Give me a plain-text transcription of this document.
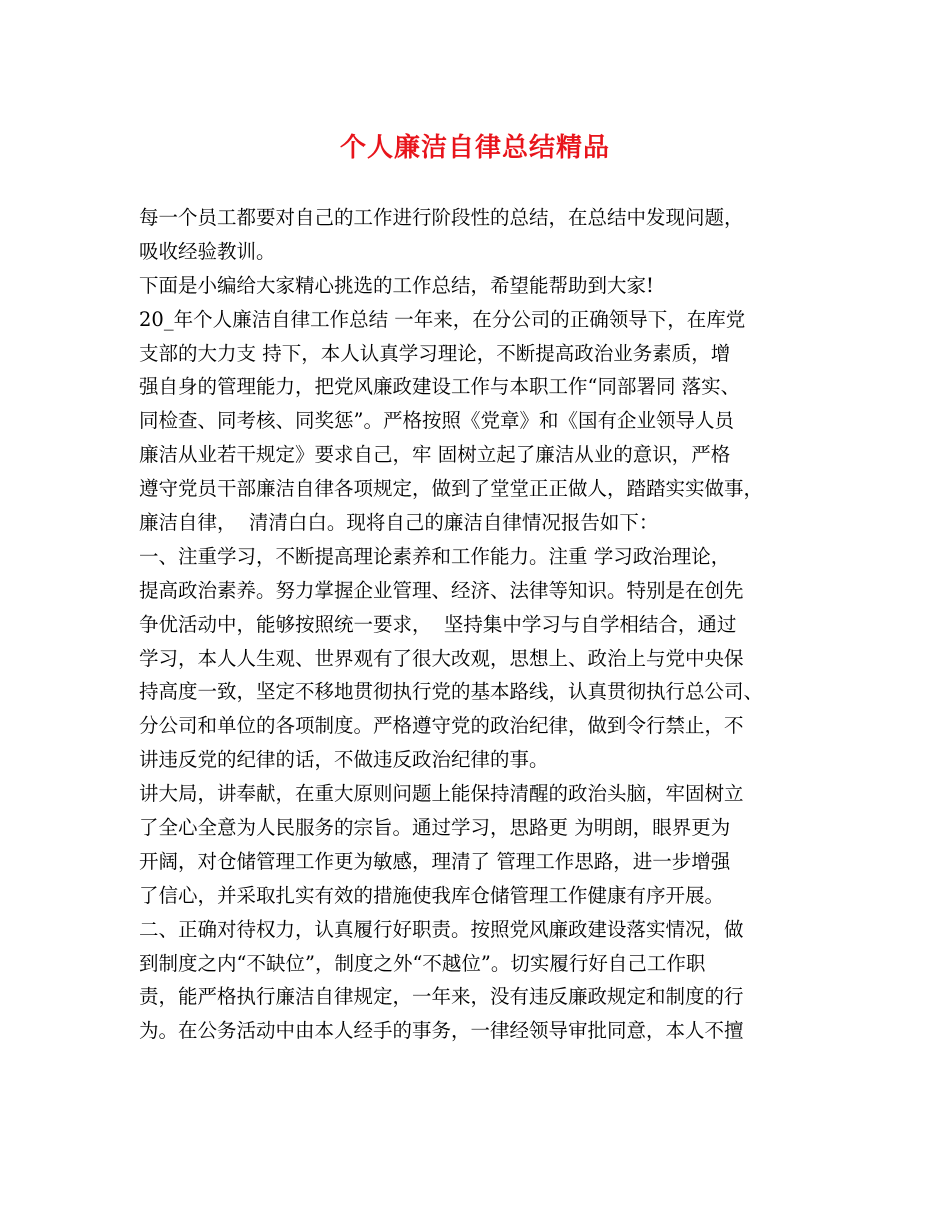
个人廉洁自律总结精品
每一个员工都要对自己的工作进行阶段性的总结，在总结中发现问题，
吸收经验教训。
下面是小编给大家精心挑选的工作总结，希望能帮助到大家!
20_年个人廉洁自律工作总结 一年来，在分公司的正确领导下，在库党
支部的大力支 持下，本人认真学习理论，不断提高政治业务素质，增
强自身的管理能力，把党风廉政建设工作与本职工作“同部署同 落实、
同检查、同考核、同奖惩”。严格按照《党章》和《国有企业领导人员
廉洁从业若干规定》要求自己，牢 固树立起了廉洁从业的意识，严格
遵守党员干部廉洁自律各项规定，做到了堂堂正正做人，踏踏实实做事，
廉洁自律，  清清白白。现将自己的廉洁自律情况报告如下：
一、注重学习，不断提高理论素养和工作能力。注重 学习政治理论，
提高政治素养。努力掌握企业管理、经济、法律等知识。特别是在创先
争优活动中，能够按照统一要求，  坚持集中学习与自学相结合，通过
学习，本人人生观、世界观有了很大改观，思想上、政治上与党中央保
持高度一致，坚定不移地贯彻执行党的基本路线，认真贯彻执行总公司、
分公司和单位的各项制度。严格遵守党的政治纪律，做到令行禁止，不
讲违反党的纪律的话，不做违反政治纪律的事。
讲大局，讲奉献，在重大原则问题上能保持清醒的政治头脑，牢固树立
了全心全意为人民服务的宗旨。通过学习，思路更 为明朗，眼界更为
开阔，对仓储管理工作更为敏感，理清了 管理工作思路，进一步增强
了信心，并采取扎实有效的措施使我库仓储管理工作健康有序开展。
二、正确对待权力，认真履行好职责。按照党风廉政建设落实情况，做
到制度之内“不缺位”，制度之外“不越位”。切实履行好自己工作职
责，能严格执行廉洁自律规定，一年来，没有违反廉政规定和制度的行
为。在公务活动中由本人经手的事务，一律经领导审批同意，本人不擅
